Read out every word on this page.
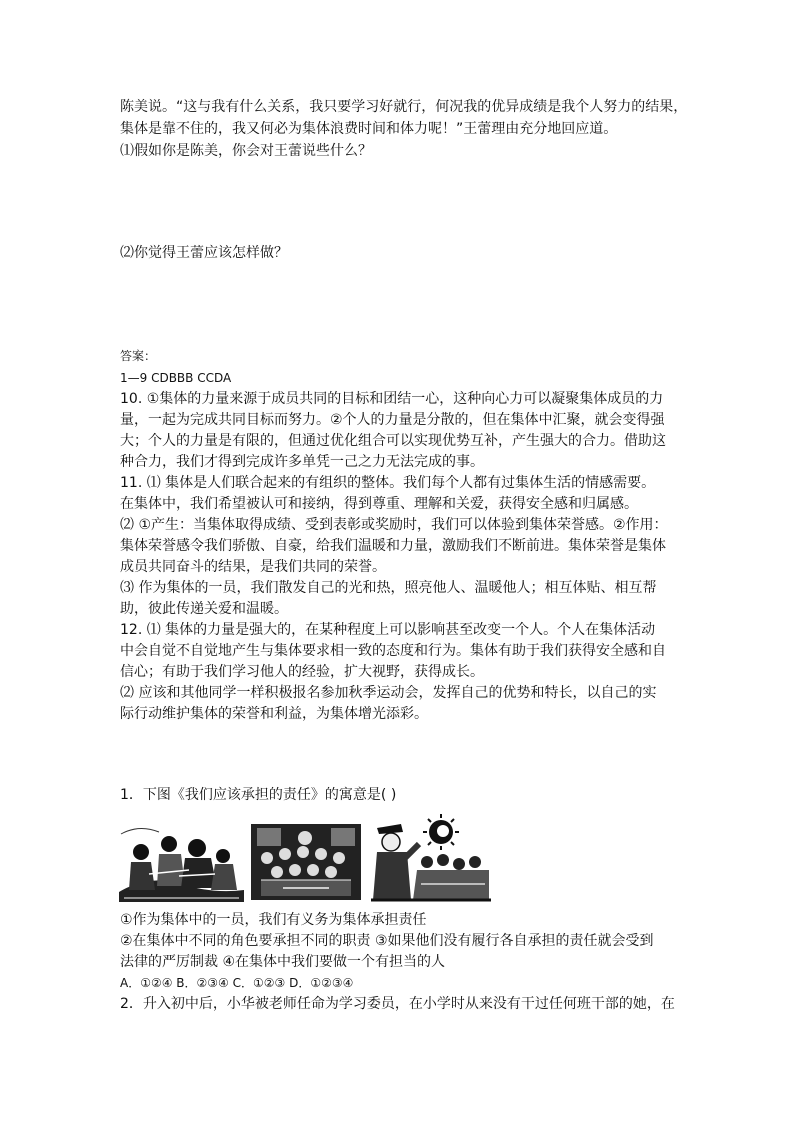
陈美说。“这与我有什么关系，我只要学习好就行，何况我的优异成绩是我个人努力的结果，
集体是靠不住的，我又何必为集体浪费时间和体力呢！”王蕾理由充分地回应道。
⑴假如你是陈美，你会对王蕾说些什么？
⑵你觉得王蕾应该怎样做？
答案：
1—9 CDBBB CCDA
10. ①集体的力量来源于成员共同的目标和团结一心，这种向心力可以凝聚集体成员的力
量，一起为完成共同目标而努力。②个人的力量是分散的，但在集体中汇聚，就会变得强
大；个人的力量是有限的，但通过优化组合可以实现优势互补，产生强大的合力。借助这
种合力，我们才得到完成许多单凭一己之力无法完成的事。
11. ⑴ 集体是人们联合起来的有组织的整体。我们每个人都有过集体生活的情感需要。
在集体中，我们希望被认可和接纳，得到尊重、理解和关爱，获得安全感和归属感。
⑵ ①产生：当集体取得成绩、受到表彰或奖励时，我们可以体验到集体荣誉感。②作用：
集体荣誉感令我们骄傲、自豪，给我们温暖和力量，激励我们不断前进。集体荣誉是集体
成员共同奋斗的结果，是我们共同的荣誉。
⑶ 作为集体的一员，我们散发自己的光和热，照亮他人、温暖他人；相互体贴、相互帮
助，彼此传递关爱和温暖。
12. ⑴ 集体的力量是强大的，在某种程度上可以影响甚至改变一个人。个人在集体活动
中会自觉不自觉地产生与集体要求相一致的态度和行为。集体有助于我们获得安全感和自
信心；有助于我们学习他人的经验，扩大视野，获得成长。
⑵ 应该和其他同学一样积极报名参加秋季运动会，发挥自己的优势和特长，以自己的实
际行动维护集体的荣誉和利益，为集体增光添彩。
1．下图《我们应该承担的责任》的寓意是( )
①作为集体中的一员，我们有义务为集体承担责任
②在集体中不同的角色要承担不同的职责 ③如果他们没有履行各自承担的责任就会受到
法律的严厉制裁 ④在集体中我们要做一个有担当的人
A．①②④ B．②③④ C．①②③ D．①②③④
2．升入初中后，小华被老师任命为学习委员，在小学时从来没有干过任何班干部的她，在
